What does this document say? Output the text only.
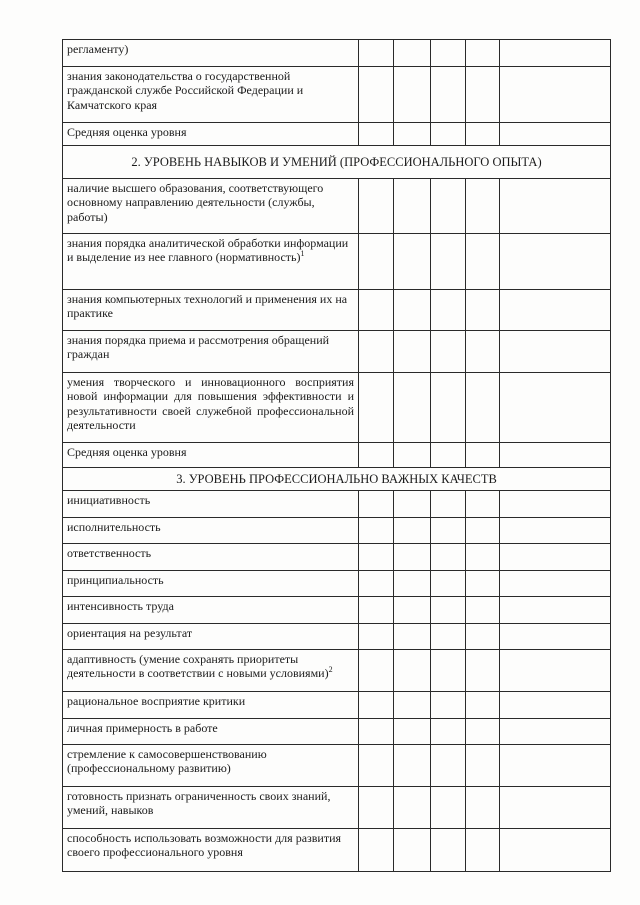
регламенту)					
знания законодательства о государственной гражданской службе Российской Федерации и Камчатского края					
Средняя оценка уровня					
2. УРОВЕНЬ НАВЫКОВ И УМЕНИЙ (ПРОФЕССИОНАЛЬНОГО ОПЫТА)					
наличие высшего образования, соответствующего основному направлению деятельности (службы, работы)					
знания порядка аналитической обработки информации и выделение из нее главного (нормативность)$^1$					
знания компьютерных технологий и применения их на практике					
знания порядка приема и рассмотрения обращений граждан					
умения творческого и инновационного восприятия новой информации для повышения эффективности и результативности своей служебной профессиональной деятельности					
Средняя оценка уровня					
3. УРОВЕНЬ ПРОФЕССИОНАЛЬНО ВАЖНЫХ КАЧЕСТВ					
инициативность					
исполнительность					
ответственность					
принципиальность					
интенсивность труда					
ориентация на результат					
адаптивность (умение сохранять приоритеты деятельности в соответствии с новыми условиями)$^2$					
рациональное восприятие критики					
личная примерность в работе					
стремление к самосовершенствованию (профессиональному развитию)					
готовность признать ограниченность своих знаний, умений, навыков					
способность использовать возможности для развития своего профессионального уровня					
